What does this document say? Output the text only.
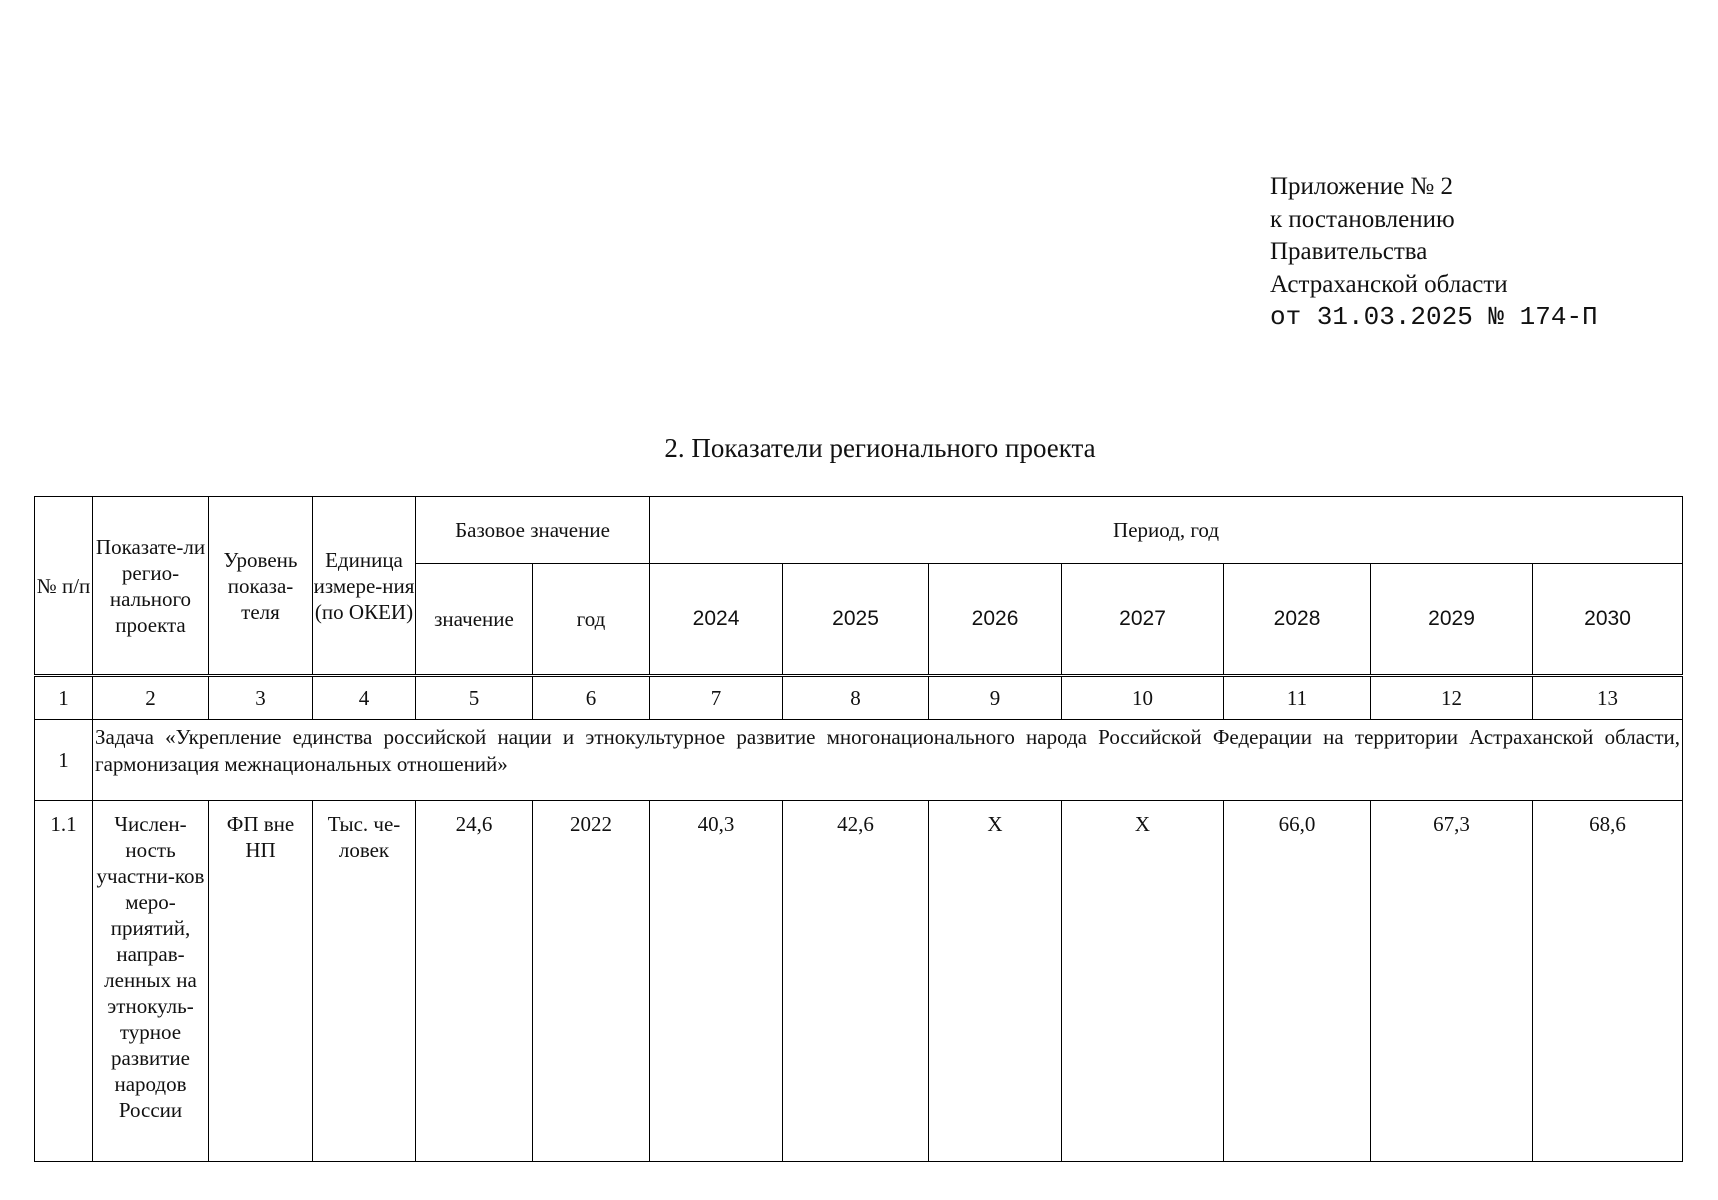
Приложение № 2
к постановлению
Правительства
Астраханской области
от 31.03.2025 № 174-П
2. Показатели регионального проекта
№ п/п	Показате-ли регио-нального проекта	Уровень показа-теля	Единица измере-ния (по ОКЕИ)	Базовое значение		Период, год						
				значение	год	2024	2025	2026	2027	2028	2029	2030
1	2	3	4	5	6	7	8	9	10	11	12	13
1	Задача «Укрепление единства российской нации и этнокультурное развитие многонационального народа Российской Федерации на территории Астраханской области, гармонизация межнациональных отношений»											

1.1	Числен-ность участни-ков меро-приятий, направ-ленных на этнокуль-турное развитие народов России	ФП вне НП	Тыс. че-ловек	24,6	2022	40,3	42,6	Х	Х	66,0	67,3	68,6
